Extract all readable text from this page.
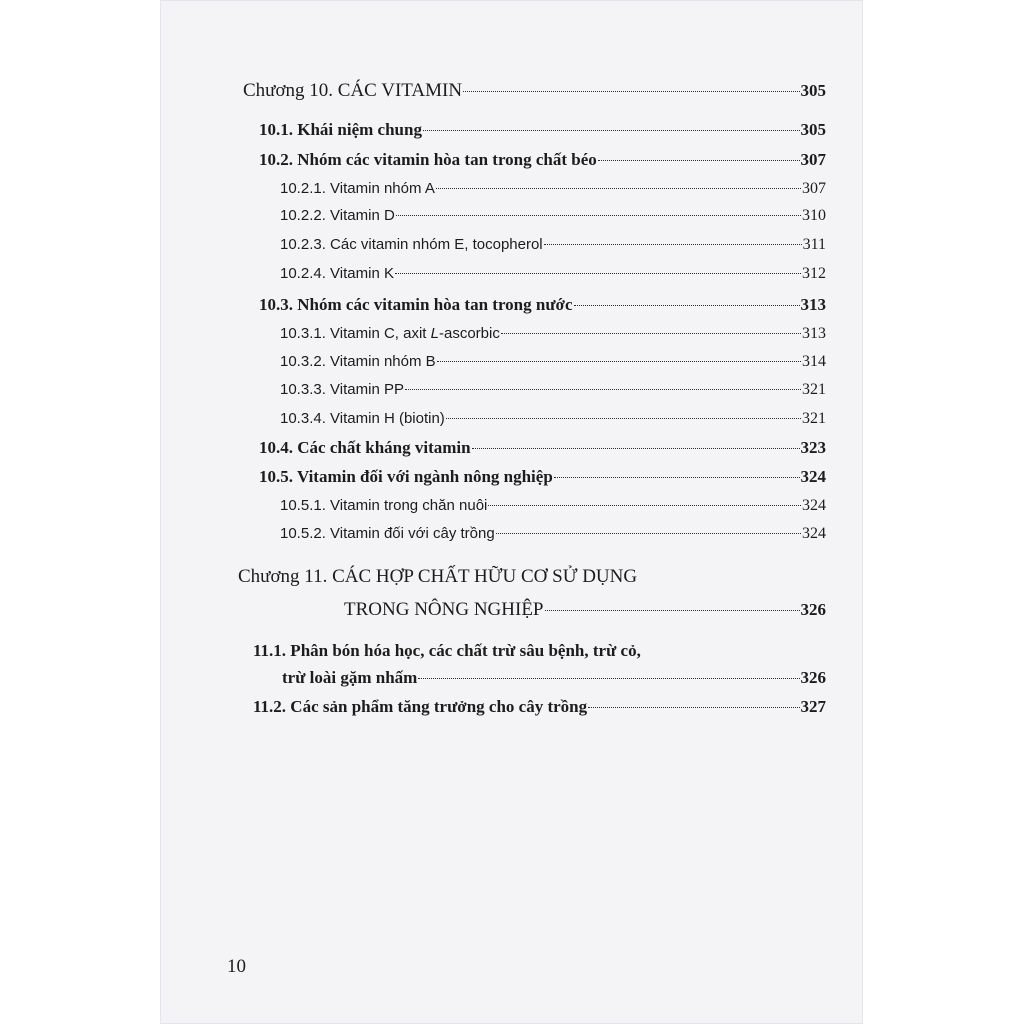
Chương 10. CÁC VITAMIN	305
10.1. Khái niệm chung	305
10.2. Nhóm các vitamin hòa tan trong chất béo	307
10.2.1. Vitamin nhóm A	307
10.2.2. Vitamin D	310
10.2.3. Các vitamin nhóm E, tocopherol	311
10.2.4. Vitamin K	312
10.3. Nhóm các vitamin hòa tan trong nước	313
10.3.1. Vitamin C, axit L-ascorbic	313
10.3.2. Vitamin nhóm B	314
10.3.3. Vitamin PP	321
10.3.4. Vitamin H (biotin)	321
10.4. Các chất kháng vitamin	323
10.5. Vitamin đối với ngành nông nghiệp	324
10.5.1. Vitamin trong chăn nuôi	324
10.5.2. Vitamin đối với cây trồng	324
Chương 11. CÁC HỢP CHẤT HỮU CƠ SỬ DỤNG
TRONG NÔNG NGHIỆP	326
11.1. Phân bón hóa học, các chất trừ sâu bệnh, trừ cỏ,
trừ loài gặm nhấm	326
11.2. Các sản phẩm tăng trưởng cho cây trồng	327
10
